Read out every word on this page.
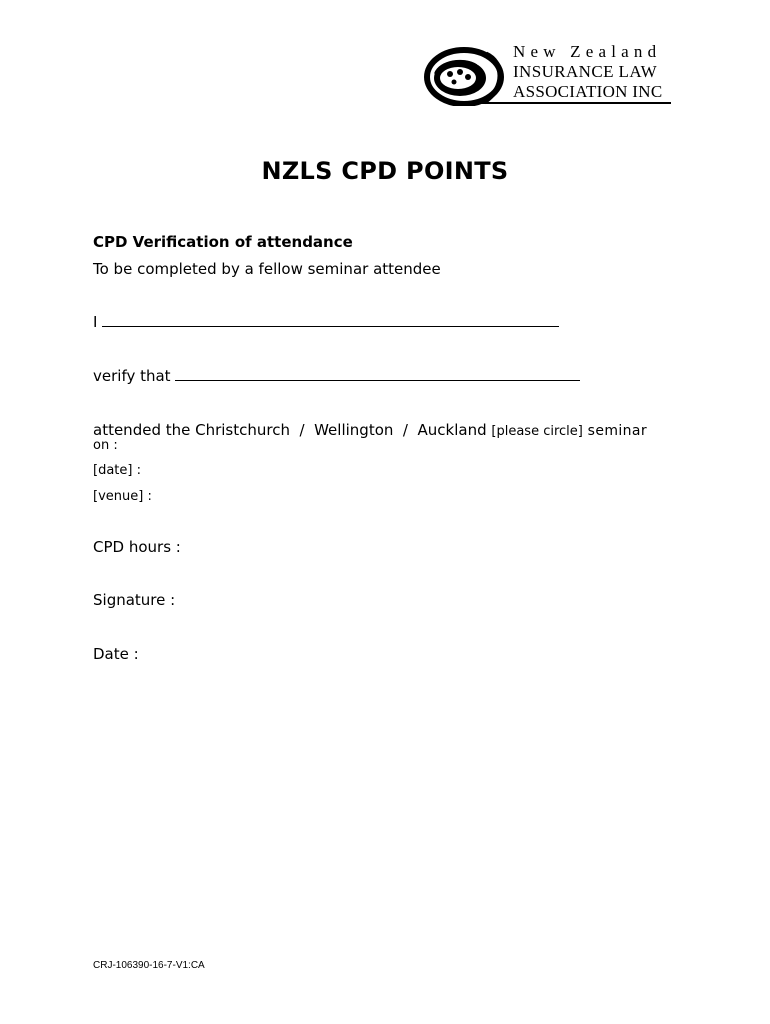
New Zealand
INSURANCE LAW
ASSOCIATION INC
NZLS CPD POINTS
CPD Verification of attendance
To be completed by a fellow seminar attendee
I
verify that
attended the Christchurch  /  Wellington  /  Auckland [please circle] seminar
on :
[date] :
[venue] :
CPD hours :
Signature :
Date :
CRJ-106390-16-7-V1:CA
